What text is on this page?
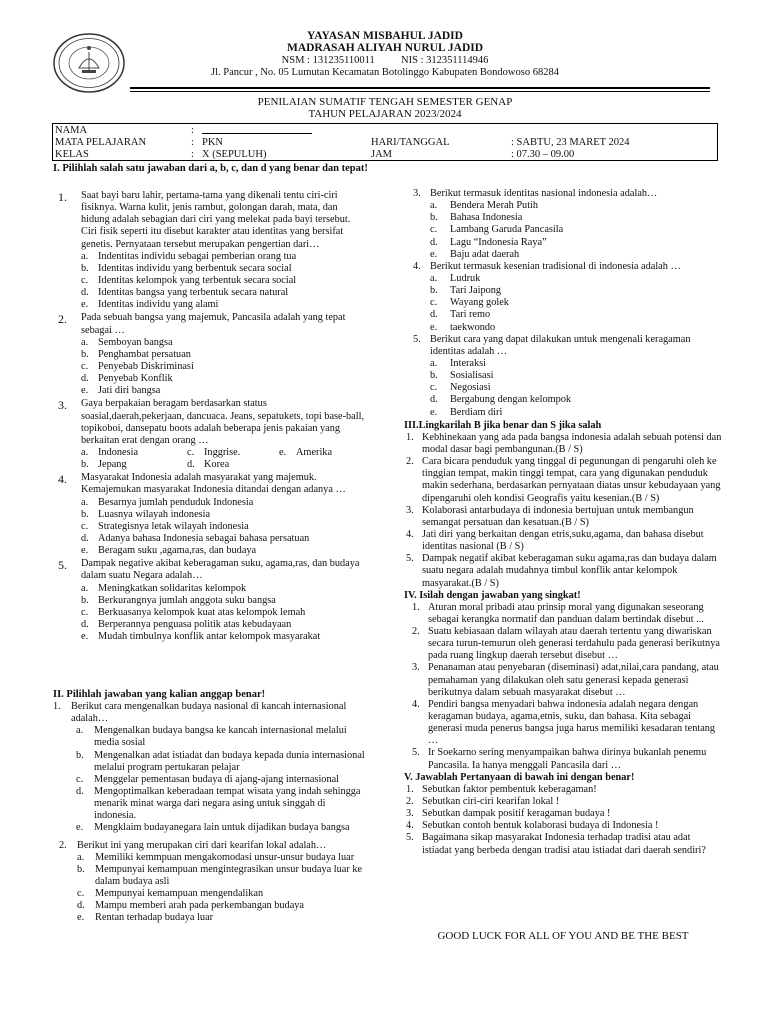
YAYASAN MISBAHUL JADID
MADRASAH ALIYAH NURUL JADID
NSM : 131235110011          NIS : 312351114946
Jl. Pancur , No. 05 Lumutan Kecamatan Botolinggo Kabupaten Bondowoso 68284
PENILAIAN SUMATIF TENGAH SEMESTER GENAP
TAHUN PELAJARAN 2023/2024
NAMA	:
MATA PELAJARAN	: PKN	HARI/TANGGAL	: SABTU, 23 MARET 2024
KELAS	: X (SEPULUH)	JAM	: 07.30 – 09.00
I. Pilihlah salah satu jawaban dari a, b, c, dan d yang benar dan tepat!
1. Saat bayi baru lahir, pertama-tama yang dikenali tentu ciri-ciri fisiknya. Warna kulit, jenis rambut, golongan darah, mata, dan hidung adalah sebagian dari ciri yang melekat pada bayi tersebut. Ciri fisik seperti itu disebut karakter atau identitas yang bersifat genetis. Pernyataan tersebut merupakan pengertian dari…
a. Indentitas individu sebagai pemberian orang tua
b. Identitas individu yang berbentuk secara social
c. Identitas kelompok yang terbentuk secara social
d. Identitas bangsa yang terbentuk secara natural
e. Identitas individu yang alami
2. Pada sebuah bangsa yang majemuk, Pancasila adalah yang tepat sebagai …
a. Semboyan bangsa
b. Penghambat persatuan
c. Penyebab Diskriminasi
d. Penyebab Konflik
e. Jati diri bangsa
3. Gaya berpakaian beragam berdasarkan status soasial,daerah,pekerjaan, dancuaca. Jeans, sepatukets, topi base-ball, topikoboi, dansepatu boots adalah beberapa jenis pakaian yang berkaitan erat dengan orang …
a. Indonesia	c. Inggrise.	e. Amerika
b. Jepang	d. Korea
4. Masyarakat Indonesia adalah masyarakat yang majemuk. Kemajemukan masyarakat Indonesia ditandai dengan adanya …
a. Besarnya jumlah penduduk Indonesia
b. Luasnya wilayah indonesia
c. Strategisnya letak wilayah indonesia
d. Adanya bahasa Indonesia sebagai bahasa persatuan
e. Beragam suku ,agama,ras, dan budaya
5. Dampak negative akibat keberagaman suku, agama,ras, dan budaya dalam suatu Negara adalah…
a. Meningkatkan solidaritas kelompok
b. Berkurangnya jumlah anggota suku bangsa
c. Berkuasanya kelompok kuat atas kelompok lemah
d. Berperannya penguasa politik atas kebudayaan
e. Mudah timbulnya konflik antar kelompok masyarakat
II. Pilihlah jawaban yang kalian anggap benar!
1. Berikut cara mengenalkan budaya nasional di kancah internasional adalah…
a. Mengenalkan budaya bangsa ke kancah internasional melalui media sosial
b. Mengenalkan adat istiadat dan budaya kepada dunia internasional melalui program pertukaran pelajar
c. Menggelar pementasan budaya di ajang-ajang internasional
d. Mengoptimalkan keberadaan tempat wisata yang indah sehingga menarik minat warga dari negara asing untuk singgah di indonesia.
e. Mengklaim budayanegara lain untuk dijadikan budaya bangsa
2. Berikut ini yang merupakan ciri dari kearifan lokal adalah…
a. Memiliki kemmpuan mengakomodasi unsur-unsur budaya luar
b. Mempunyai kemampuan mengintegrasikan unsur budaya luar ke dalam budaya asli
c. Mempunyai kemampuan mengendalikan
d. Mampu memberi arah pada perkembangan budaya
e. Rentan terhadap budaya luar
3. Berikut termasuk identitas nasional indonesia adalah…
a. Bendera Merah Putih
b. Bahasa Indonesia
c. Lambang Garuda Pancasila
d. Lagu “Indonesia Raya”
e. Baju adat daerah
4. Berikut termasuk kesenian tradisional di indonesia adalah …
a. Ludruk
b. Tari Jaipong
c. Wayang golek
d. Tari remo
e. taekwondo
5. Berikut cara yang dapat dilakukan untuk mengenali keragaman identitas adalah …
a. Interaksi
b. Sosialisasi
c. Negosiasi
d. Bergabung dengan kelompok
e. Berdiam diri
III.Lingkarilah B jika benar dan S jika salah
1. Kebhinekaan yang ada pada bangsa indonesia adalah sebuah potensi dan modal dasar bagi pembangunan.(B / S)
2. Cara bicara penduduk yang tinggal di pegunungan di pengaruhi oleh ke tinggian tempat, makin tinggi tempat, cara yang digunakan penduduk makin sederhana, berdasarkan pernyataan diatas unsur kebudayaan yang dipengaruhi oleh kondisi Geografis yaitu kesenian.(B / S)
3. Kolaborasi antarbudaya di indonesia bertujuan untuk membangun semangat persatuan dan kesatuan.(B / S)
4. Jati diri yang berkaitan dengan etris,suku,agama, dan bahasa disebut identitas nasional (B / S)
5. Dampak negatif akibat keberagaman suku agama,ras dan budaya dalam suatu negara adalah mudahnya timbul konflik antar kelompok masyarakat.(B / S)
IV. Isilah dengan jawaban yang singkat!
1. Aturan moral pribadi atau prinsip moral yang digunakan seseorang sebagai kerangka normatif dan panduan dalam bertindak disebut ...
2. Suatu kebiasaan dalam wilayah atau daerah tertentu yang diwariskan secara turun-temurun oleh generasi terdahulu pada generasi berikutnya pada ruang lingkup daerah tersebut disebut …
3. Penanaman atau penyebaran (diseminasi) adat,nilai,cara pandang, atau pemahaman yang dilakukan oleh satu generasi kepada generasi berikutnya dalam sebuah masyarakat disebut …
4. Pendiri bangsa menyadari bahwa indonesia adalah negara dengan keragaman budaya, agama,etnis, suku, dan bahasa. Kita sebagai generasi muda penerus bangsa juga harus memiliki kesadaran tentang …
5. Ir Soekarno sering menyampaikan bahwa dirinya bukanlah penemu Pancasila. Ia hanya menggali Pancasila dari …
V. Jawablah Pertanyaan di bawah ini dengan benar!
1. Sebutkan faktor pembentuk keberagaman!
2. Sebutkan ciri-ciri kearifan lokal !
3. Sebutkan dampak positif keragaman budaya !
4. Sebutkan contoh bentuk kolaborasi budaya di Indonesia !
5. Bagaimana sikap masyarakat Indonesia terhadap tradisi atau adat istiadat yang berbeda dengan tradisi atau istiadat dari daerah sendiri?
GOOD LUCK FOR ALL OF YOU AND BE THE BEST
